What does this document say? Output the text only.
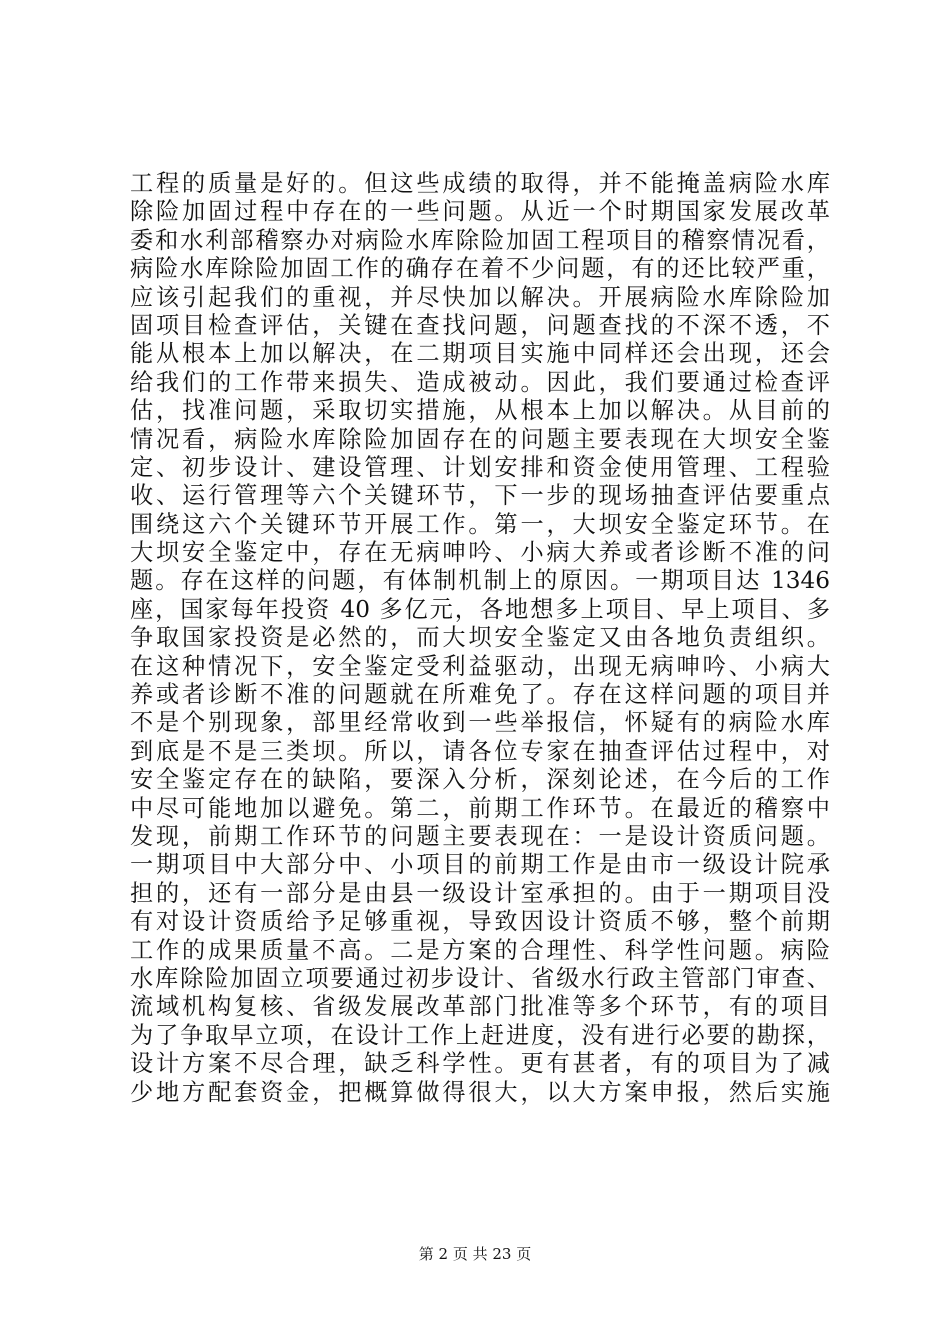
工程的质量是好的。但这些成绩的取得，并不能掩盖病险水库
除险加固过程中存在的一些问题。从近一个时期国家发展改革
委和水利部稽察办对病险水库除险加固工程项目的稽察情况看，
病险水库除险加固工作的确存在着不少问题，有的还比较严重，
应该引起我们的重视，并尽快加以解决。开展病险水库除险加
固项目检查评估，关键在查找问题，问题查找的不深不透，不
能从根本上加以解决，在二期项目实施中同样还会出现，还会
给我们的工作带来损失、造成被动。因此，我们要通过检查评
估，找准问题，采取切实措施，从根本上加以解决。从目前的
情况看，病险水库除险加固存在的问题主要表现在大坝安全鉴
定、初步设计、建设管理、计划安排和资金使用管理、工程验
收、运行管理等六个关键环节，下一步的现场抽查评估要重点
围绕这六个关键环节开展工作。第一，大坝安全鉴定环节。在
大坝安全鉴定中，存在无病呻吟、小病大养或者诊断不准的问
题。存在这样的问题，有体制机制上的原因。一期项目达 1346
座，国家每年投资 40 多亿元，各地想多上项目、早上项目、多
争取国家投资是必然的，而大坝安全鉴定又由各地负责组织。
在这种情况下，安全鉴定受利益驱动，出现无病呻吟、小病大
养或者诊断不准的问题就在所难免了。存在这样问题的项目并
不是个别现象，部里经常收到一些举报信，怀疑有的病险水库
到底是不是三类坝。所以，请各位专家在抽查评估过程中，对
安全鉴定存在的缺陷，要深入分析，深刻论述，在今后的工作
中尽可能地加以避免。第二，前期工作环节。在最近的稽察中
发现，前期工作环节的问题主要表现在：一是设计资质问题。
一期项目中大部分中、小项目的前期工作是由市一级设计院承
担的，还有一部分是由县一级设计室承担的。由于一期项目没
有对设计资质给予足够重视，导致因设计资质不够，整个前期
工作的成果质量不高。二是方案的合理性、科学性问题。病险
水库除险加固立项要通过初步设计、省级水行政主管部门审查、
流域机构复核、省级发展改革部门批准等多个环节，有的项目
为了争取早立项，在设计工作上赶进度，没有进行必要的勘探，
设计方案不尽合理，缺乏科学性。更有甚者，有的项目为了减
少地方配套资金，把概算做得很大，以大方案申报，然后实施
第 2 页 共 23 页
